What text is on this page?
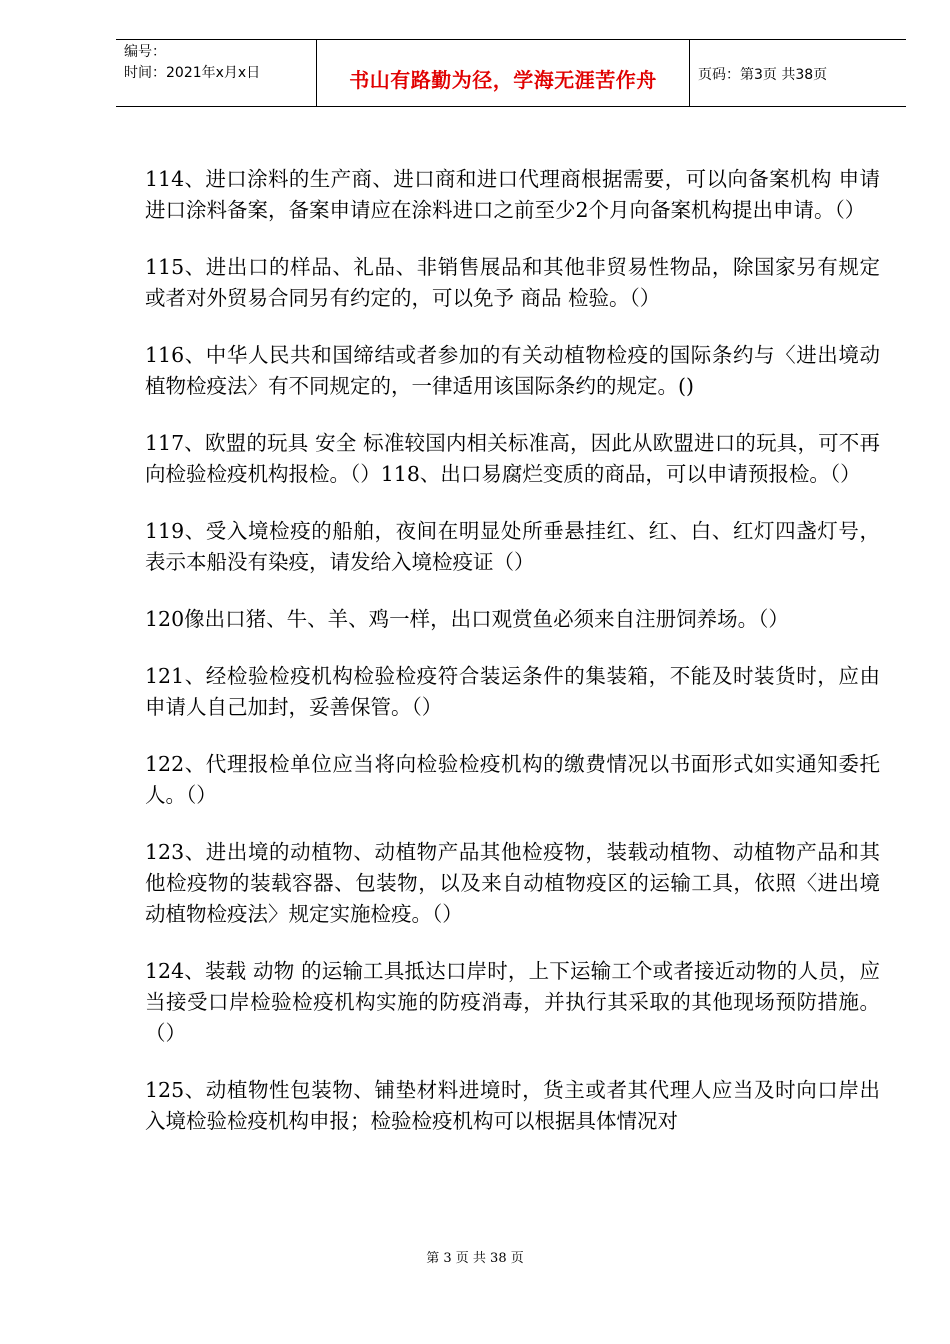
编号：
时间：2021年x月x日	书山有路勤为径，学海无涯苦作舟	页码：第3页 共38页

114、进口涂料的生产商、进口商和进口代理商根据需要，可以向备案机构 申请 进口涂料备案，备案申请应在涂料进口之前至少2个月向备案机构提出申请。（）

115、进出口的样品、礼品、非销售展品和其他非贸易性物品，除国家另有规定或者对外贸易合同另有约定的，可以免予 商品 检验。（）

116、中华人民共和国缔结或者参加的有关动植物检疫的国际条约与〈进出境动植物检疫法〉有不同规定的，一律适用该国际条约的规定。()

117、欧盟的玩具 安全 标准较国内相关标准高，因此从欧盟进口的玩具，可不再向检验检疫机构报检。（）118、出口易腐烂变质的商品，可以申请预报检。（）

119、受入境检疫的船舶，夜间在明显处所垂悬挂红、红、白、红灯四盏灯号，表示本船没有染疫，请发给入境检疫证（）

120像出口猪、牛、羊、鸡一样，出口观赏鱼必须来自注册饲养场。（）

121、经检验检疫机构检验检疫符合装运条件的集装箱，不能及时装货时，应由申请人自己加封，妥善保管。（）

122、代理报检单位应当将向检验检疫机构的缴费情况以书面形式如实通知委托人。（）

123、进出境的动植物、动植物产品其他检疫物，装载动植物、动植物产品和其他检疫物的装载容器、包装物，以及来自动植物疫区的运输工具，依照〈进出境动植物检疫法〉规定实施检疫。（）

124、装载 动物 的运输工具抵达口岸时，上下运输工个或者接近动物的人员，应当接受口岸检验检疫机构实施的防疫消毒，并执行其采取的其他现场预防措施。（）

125、动植物性包装物、铺垫材料进境时，货主或者其代理人应当及时向口岸出入境检验检疫机构申报；检验检疫机构可以根据具体情况对

第 3 页 共 38 页
